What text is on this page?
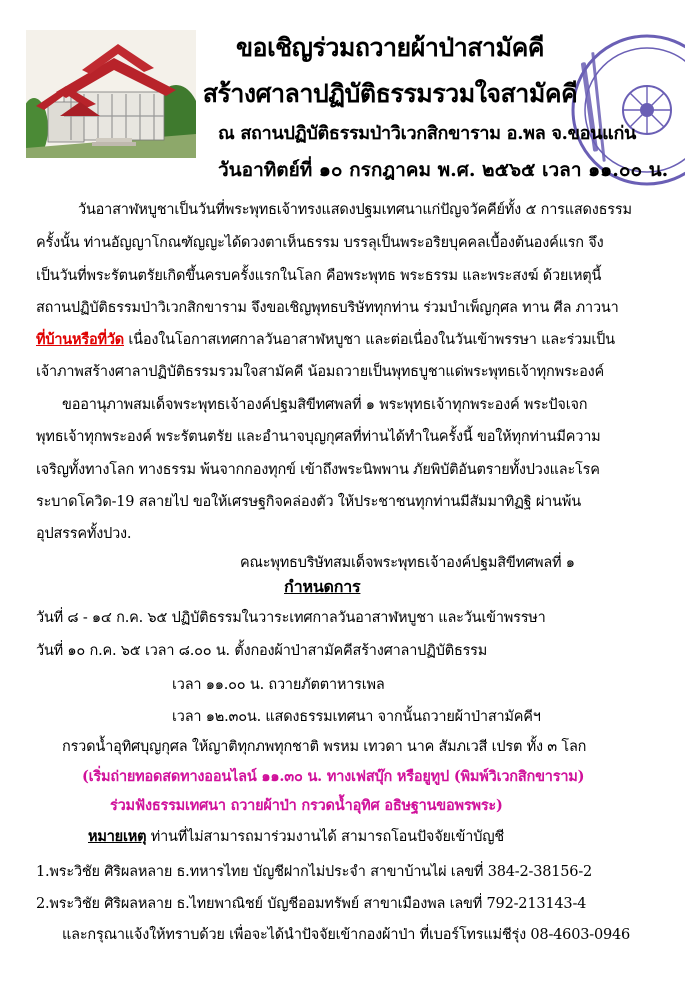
ขอเชิญร่วมถวายผ้าป่าสามัคคี
สร้างศาลาปฏิบัติธรรมรวมใจสามัคคี
ณ สถานปฏิบัติธรรมป่าวิเวกสิกขาราม อ.พล จ.ขอนแก่น
วันอาทิตย์ที่ ๑๐ กรกฎาคม พ.ศ. ๒๕๖๕ เวลา ๑๑.๐๐ น.
วันอาสาฬหบูชาเป็นวันที่พระพุทธเจ้าทรงแสดงปฐมเทศนาแก่ปัญจวัคคีย์ทั้ง ๕ การแสดงธรรม
ครั้งนั้น ท่านอัญญาโกณฑัญญะได้ดวงตาเห็นธรรม บรรลุเป็นพระอริยบุคคลเบื้องต้นองค์แรก จึง
เป็นวันที่พระรัตนตรัยเกิดขึ้นครบครั้งแรกในโลก คือพระพุทธ พระธรรม และพระสงฆ์ ด้วยเหตุนี้
สถานปฏิบัติธรรมป่าวิเวกสิกขาราม จึงขอเชิญพุทธบริษัททุกท่าน ร่วมบำเพ็ญกุศล ทาน ศีล ภาวนา
ที่บ้านหรือที่วัด เนื่องในโอกาสเทศกาลวันอาสาฬหบูชา และต่อเนื่องในวันเข้าพรรษา และร่วมเป็น
เจ้าภาพสร้างศาลาปฏิบัติธรรมรวมใจสามัคคี น้อมถวายเป็นพุทธบูชาแด่พระพุทธเจ้าทุกพระองค์
ขออานุภาพสมเด็จพระพุทธเจ้าองค์ปฐมสิขีทศพลที่ ๑ พระพุทธเจ้าทุกพระองค์ พระปัจเจก
พุทธเจ้าทุกพระองค์ พระรัตนตรัย และอำนาจบุญกุศลที่ท่านได้ทำในครั้งนี้ ขอให้ทุกท่านมีความ
เจริญทั้งทางโลก ทางธรรม พ้นจากกองทุกข์ เข้าถึงพระนิพพาน ภัยพิบัติอันตรายทั้งปวงและโรค
ระบาดโควิด-19 สลายไป ขอให้เศรษฐกิจคล่องตัว ให้ประชาชนทุกท่านมีสัมมาทิฏฐิ ผ่านพ้น
อุปสรรคทั้งปวง.
คณะพุทธบริษัทสมเด็จพระพุทธเจ้าองค์ปฐมสิขีทศพลที่ ๑
กำหนดการ
วันที่ ๘ - ๑๔ ก.ค. ๖๕ ปฏิบัติธรรมในวาระเทศกาลวันอาสาฬหบูชา และวันเข้าพรรษา
วันที่ ๑๐ ก.ค. ๖๕ เวลา ๘.๐๐ น. ตั้งกองผ้าป่าสามัคคีสร้างศาลาปฏิบัติธรรม
เวลา ๑๑.๐๐ น. ถวายภัตตาหารเพล
เวลา ๑๒.๓๐น. แสดงธรรมเทศนา จากนั้นถวายผ้าป่าสามัคคีฯ
กรวดน้ำอุทิศบุญกุศล ให้ญาติทุกภพทุกชาติ พรหม เทวดา นาค สัมภเวสี เปรต ทั้ง ๓ โลก
(เริ่มถ่ายทอดสดทางออนไลน์ ๑๑.๓๐ น. ทางเฟสบุ๊ก หรือยูทูป (พิมพ์วิเวกสิกขาราม)
ร่วมฟังธรรมเทศนา ถวายผ้าป่า กรวดน้ำอุทิศ อธิษฐานขอพรพระ)
หมายเหตุ ท่านที่ไม่สามารถมาร่วมงานได้ สามารถโอนปัจจัยเข้าบัญชี
1.พระวิชัย ศิริผลหลาย ธ.ทหารไทย บัญชีฝากไม่ประจำ สาขาบ้านไผ่ เลขที่ 384-2-38156-2
2.พระวิชัย ศิริผลหลาย ธ.ไทยพาณิชย์ บัญชีออมทรัพย์ สาขาเมืองพล เลขที่ 792-213143-4
และกรุณาแจ้งให้ทราบด้วย เพื่อจะได้นำปัจจัยเข้ากองผ้าป่า ที่เบอร์โทรแม่ชีรุ่ง 08-4603-0946
